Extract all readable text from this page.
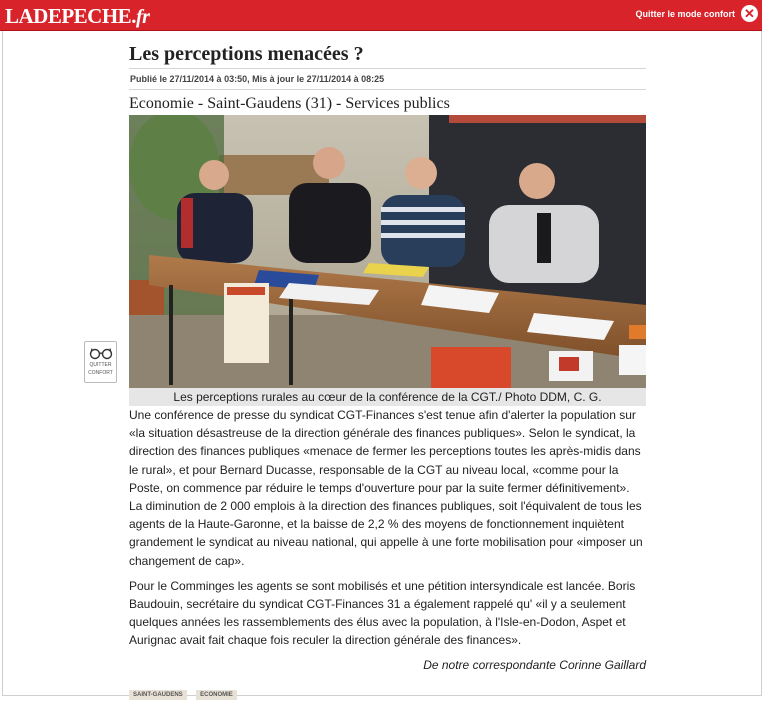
LADEPECHE.fr	Quitter le mode confort ✕
QUITTER
CONFORT
Les perceptions menacées ?
Publié le 27/11/2014 à 03:50, Mis à jour le 27/11/2014 à 08:25
Economie - Saint-Gaudens (31) - Services publics
Les perceptions rurales au cœur de la conférence de la CGT./ Photo DDM, C. G.

Une conférence de presse du syndicat CGT-Finances s'est tenue afin d'alerter la population sur «la situation désastreuse de la direction générale des finances publiques». Selon le syndicat, la direction des finances publiques «menace de fermer les perceptions toutes les après-midis dans le rural», et pour Bernard Ducasse, responsable de la CGT au niveau local, «comme pour la Poste, on commence par réduire le temps d'ouverture pour par la suite fermer définitivement». La diminution de 2 000 emplois à la direction des finances publiques, soit l'équivalent de tous les agents de la Haute-Garonne, et la baisse de 2,2 % des moyens de fonctionnement inquiètent grandement le syndicat au niveau national, qui appelle à une forte mobilisation pour «imposer un changement de cap».

Pour le Comminges les agents se sont mobilisés et une pétition intersyndicale est lancée. Boris Baudouin, secrétaire du syndicat CGT-Finances 31 a également rappelé qu' «il y a seulement quelques années les rassemblements des élus avec la population, à l'Isle-en-Dodon, Aspet et Aurignac avait fait chaque fois reculer la direction générale des finances».

De notre correspondante Corinne Gaillard
SAINT-GAUDENS	ECONOMIE
